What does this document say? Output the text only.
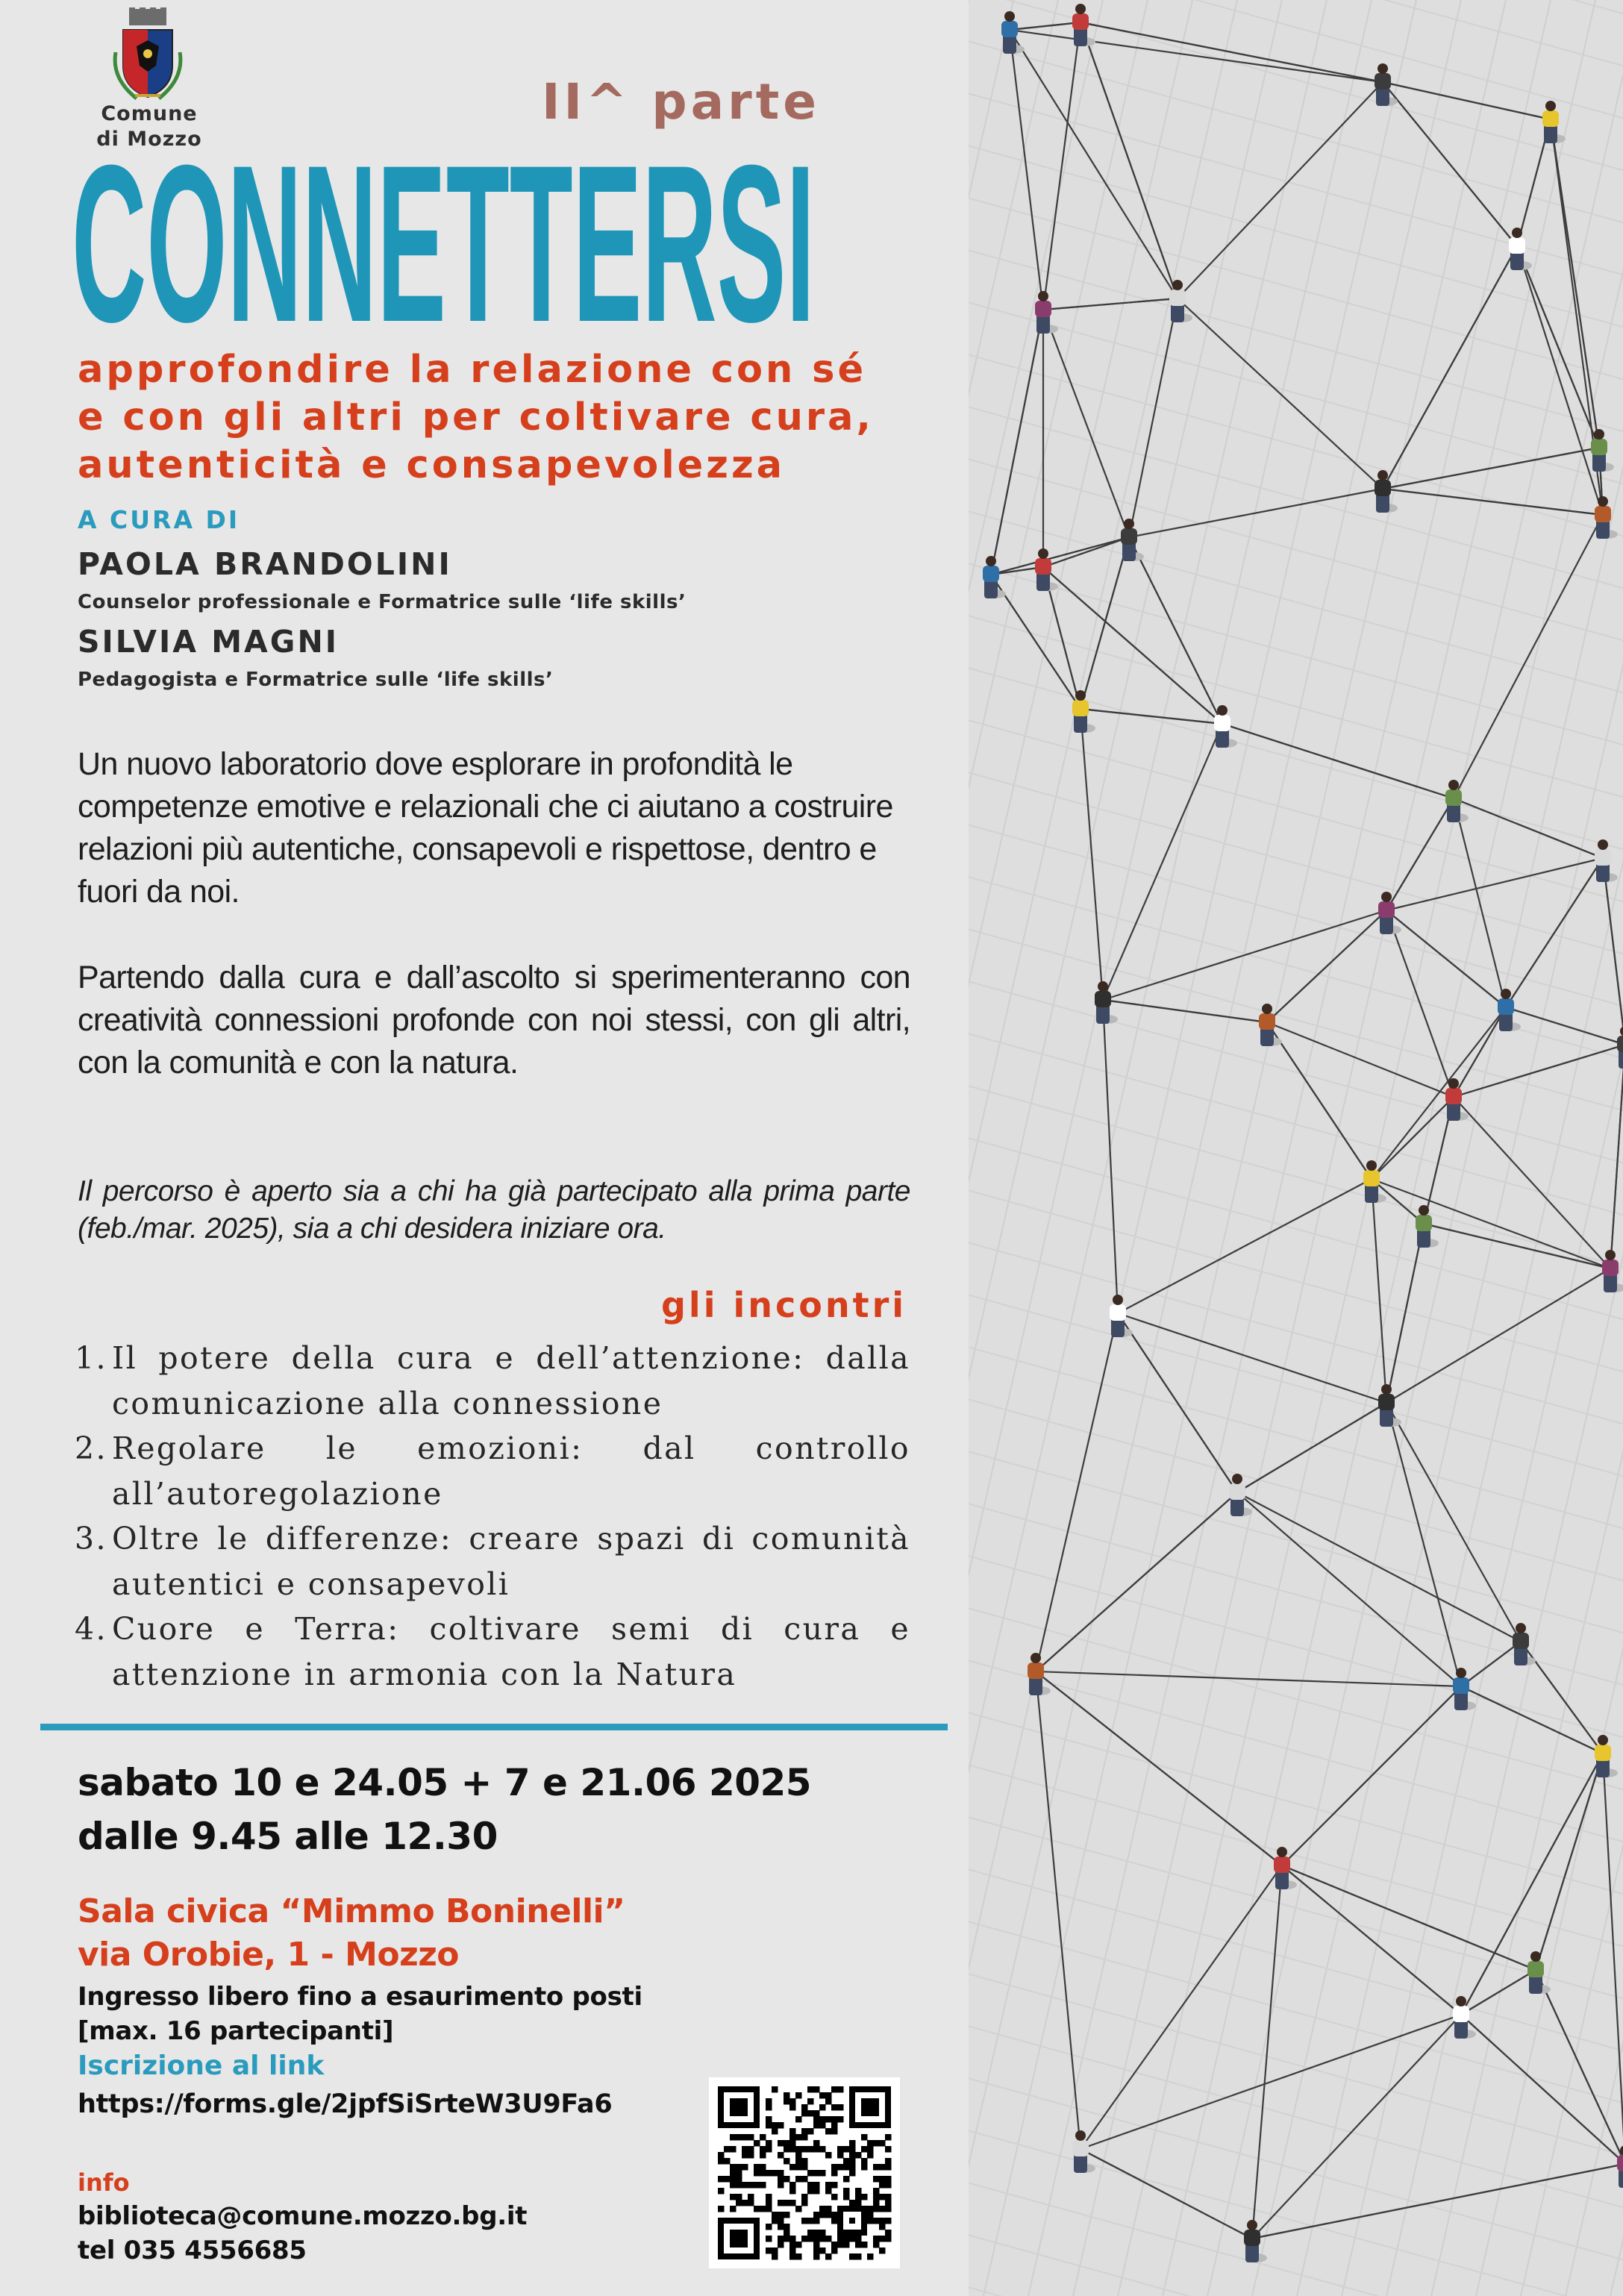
Comune
di Mozzo
II^ parte
CONNETTERSI
approfondire la relazione con sé
e con gli altri per coltivare cura,
autenticità e consapevolezza
A CURA DI
PAOLA BRANDOLINI
Counselor professionale e Formatrice sulle ‘life skills’
SILVIA MAGNI
Pedagogista e Formatrice sulle ‘life skills’
Un nuovo laboratorio dove esplorare in profondità le competenze emotive e relazionali che ci aiutano a costruire relazioni più autentiche, consapevoli e rispettose, dentro e fuori da noi.
Partendo dalla cura e dall’ascolto si sperimenteranno con creatività connessioni profonde con noi stessi, con gli altri, con la comunità e con la natura.
Il percorso è aperto sia a chi ha già partecipato alla prima parte (feb./mar. 2025), sia a chi desidera iniziare ora.
gli incontri
1. Il potere della cura e dell’attenzione: dalla comunicazione alla connessione
2. Regolare le emozioni: dal controllo all’autoregolazione
3. Oltre le differenze: creare spazi di comunità autentici e consapevoli
4. Cuore e Terra: coltivare semi di cura e attenzione in armonia con la Natura
sabato 10 e 24.05 + 7 e 21.06 2025
dalle 9.45 alle 12.30
Sala civica “Mimmo Boninelli”
via Orobie, 1 - Mozzo
Ingresso libero fino a esaurimento posti
[max. 16 partecipanti]
Iscrizione al link
https://forms.gle/2jpfSiSrteW3U9Fa6
info
biblioteca@comune.mozzo.bg.it
tel 035 4556685
